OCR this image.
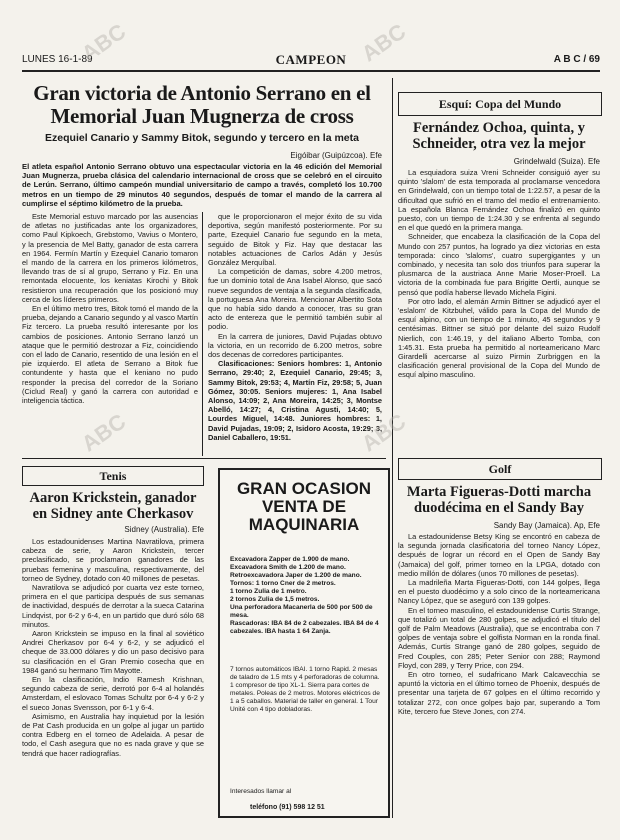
LUNES 16-1-89	CAMPEON	A B C / 69
Gran victoria de Antonio Serrano en el Memorial Juan Mugnerza de cross
Ezequiel Canario y Sammy Bitok, segundo y tercero en la meta
Eigóibar (Guipúzcoa). Efe
El atleta español Antonio Serrano obtuvo una espectacular victoria en la 46 edición del Memorial Juan Mugnerza, prueba clásica del calendario internacional de cross que se celebró en el circuito de Lerún. Serrano, último campeón mundial universitario de campo a través, completó los 10.700 metros en un tiempo de 29 minutos 40 segundos, después de tomar el mando de la carrera al cumplirse el séptimo kilómetro de la prueba.

Este Memorial estuvo marcado por las ausencias de atletas no justificadas ante los organizadores, como Paul Kipkoech, Grebstomo, Vavius o Montero, y la presencia de Mel Batty, ganador de esta carrera en 1964. Fermín Martín y Ezequiel Canario tomaron el mando de la carrera en los primeros kilómetros, llevando tras de sí al grupo, Serrano y Fiz. En una remontada elocuente, los keniatas Kirochi y Bitok resistieron una recuperación que los posicionó muy cerca de los líderes primeros.

En el último metro tres, Bitok tomó el mando de la prueba, dejando a Canario segundo y al vasco Martín Fiz tercero. La prueba resultó interesante por los cambios de posiciones. Antonio Serrano lanzó un ataque que le permitió destrozar a Fiz, coincidiendo con el lado de Canario, resentido de una lesión en el pie izquierdo. El atleta de Serrano a Bitok fue contundente y hasta que el keniano no pudo responder la precisa del corredor de la Soriano (Ciclud Real) y ganó la carrera con autoridad e inteligencia táctica.

que le proporcionaron el mejor éxito de su vida deportiva, según manifestó posteriormente. Por su parte, Ezequiel Canario fue segundo en la meta, seguido de Bitok y Fiz. Hay que destacar las notables actuaciones de Carlos Adán y Jesús González Merquíbal.

La competición de damas, sobre 4.200 metros, fue un dominio total de Ana Isabel Alonso, que sacó nueve segundos de ventaja a la segunda clasificada, la portuguesa Ana Moreira. Mencionar Albertito Sota que no había sido dando a conocer, tras su gran acto de entereza que le permitió también subir al podio.

En la carrera de juniores, David Pujadas obtuvo la victoria, en un recorrido de 6.200 metros, sobre dos decenas de corredores participantes.

Clasificaciones: Seniors hombres: 1, Antonio Serrano, 29:40; 2, Ezequiel Canario, 29:45; 3, Sammy Bitok, 29:53; 4, Martín Fiz, 29:58; 5, Juan Gómez, 30:05. Seniors mujeres: 1, Ana Isabel Alonso, 14:09; 2, Ana Moreira, 14:25; 3, Montse Abelló, 14:27; 4, Cristina Agusti, 14:40; 5, Lourdes Miguel, 14:48. Juniores hombres: 1, David Pujadas, 19:09; 2, Isidoro Acosta, 19:29; 3, Daniel Caballero, 19:51.

Tenis
Aaron Krickstein, ganador en Sidney ante Cherkasov
Sidney (Australia). Efe

Los estadounidenses Martina Navratilova, primera cabeza de serie, y Aaron Krickstein, tercer preclasificado, se proclamaron ganadores de las pruebas femenina y masculina, respectivamente, del torneo de Sydney, dotado con 40 millones de pesetas.

Navratilova se adjudicó por cuarta vez este torneo, primera en el que participa después de sus semanas de inactividad, después de derrotar a la sueca Catarina Lindqvist, por 6-2 y 6-4, en un partido que duró sólo 68 minutos.

Aaron Krickstein se impuso en la final al soviético Andrei Cherkasov por 6-4 y 6-2, y se adjudicó el cheque de 33.000 dólares y dio un paso decisivo para su clasificación en el Gran Premio cosecha que en 1984 ganó su hermano Tim Mayotte.

En la clasificación, Indio Ramesh Krishnan, segundo cabeza de serie, derrotó por 6-4 al holandés Amsterdam, el eslovaco Tomas Schultz por 6-4 y 6-2 y el sueco Jonas Svensson, por 6-1 y 6-4.

Asimismo, en Australia hay inquietud por la lesión de Pat Cash producida en un golpe al jugar un partido contra Edberg en el torneo de Adelaida. A pesar de todo, el Cash asegura que no es nada grave y que se tendrá que hacer radiografías.

GRAN OCASION VENTA DE MAQUINARIA
Excavadora Zapper de 1.900 de mano.
Excavadora Smith de 1.200 de mano.
Retroexcavadora Japer de 1.200 de mano.
Tornos: 1 torno Cner de 2 metros.
1 torno Zulia de 1 metro.
2 tornos Zulia de 1,5 metros.
Una perforadora Macanerla de 500 por 500 de mesa.
Rascadoras: IBA 84 de 2 cabezales. IBA 84 de 4 cabezales. IBA hasta 1 64 Zanja.
7 tornos automáticos IBAI. 1 torno Rapid. 2 mesas de taladro de 1.5 mts y 4 perforadoras de columna. 1 compresor de tipo XL-1. Sierra para cortes de metales. Poleas de 2 metros. Motores eléctricos de 1 a 5 caballos. Material de taller en general. 1 Tour Unité con 4 tipo dobladoras.
Interesados llamar al
teléfono (91) 598 12 51
Esquí: Copa del Mundo
Fernández Ochoa, quinta, y Schneider, otra vez la mejor
Grindelwald (Suiza). Efe

La esquiadora suiza Vreni Schneider consiguió ayer su quinto 'slalom' de esta temporada al proclamarse vencedora en Grindelwald, con un tiempo total de 1:22.57, a pesar de la dificultad que sufrió en el tramo del medio el entrenamiento. La española Blanca Fernández Ochoa finalizó en quinto puesto, con un tiempo de 1:24.30 y se enfrenta al segundo en el que quedó en la primera manga.

Schneider, que encabeza la clasificación de la Copa del Mundo con 257 puntos, ha logrado ya diez victorias en esta temporada: cinco 'slaloms', cuatro supergigantes y un combinado, y necesita tan solo dos triunfos para superar la plusmarca de la austriaca Anne Marie Moser-Proell. La victoria de la combinada fue para Brigitte Oertli, aunque se pensó que podía haberse llevado Michela Figini.

Por otro lado, el alemán Armin Bittner se adjudicó ayer el 'eslalom' de Kitzbuhel, válido para la Copa del Mundo de esquí alpino, con un tiempo de 1 minuto, 45 segundos y 9 centésimas. Bittner se situó por delante del suizo Rudolf Nierlich, con 1:46.19, y del italiano Alberto Tomba, con 1:45.31. Esta prueba ha permitido al norteamericano Marc Girardelli acercarse al suizo Pirmin Zurbriggen en la clasificación general provisional de la Copa del Mundo de esquí alpino masculino.

Golf
Marta Figueras-Dotti marcha duodécima en el Sandy Bay
Sandy Bay (Jamaica). Ap, Efe

La estadounidense Betsy King se encontró en cabeza de la segunda jornada clasificatoria del torneo Nancy López, después de lograr un récord en el Open de Sandy Bay (Jamaica) del golf, primer torneo en la LPGA, dotado con medio millón de dólares (unos 70 millones de pesetas).

La madrileña Marta Figueras-Dotti, con 144 golpes, llega en el puesto duodécimo y a solo cinco de la norteamericana Nancy López, que se aseguró con 139 golpes.

En el torneo masculino, el estadounidense Curtis Strange, que totalizó un total de 280 golpes, se adjudicó el título del golf de Palm Meadows (Australia), que se encontraba con 7 golpes de ventaja sobre el golfista Norman en la ronda final. Además, Curtis Strange ganó de 280 golpes, seguido de Fred Couples, con 285; Peter Senior con 288; Raymond Floyd, con 289, y Terry Price, con 294.

En otro torneo, el sudafricano Mark Calcavecchia se apuntó la victoria en el último torneo de Phoenix, después de presentar una tarjeta de 67 golpes en el último recorrido y totalizar 272, con once golpes bajo par, superando a Tom Kite, tercero fue Steve Jones, con 274.

ABC	ABC
ABC	ABC
